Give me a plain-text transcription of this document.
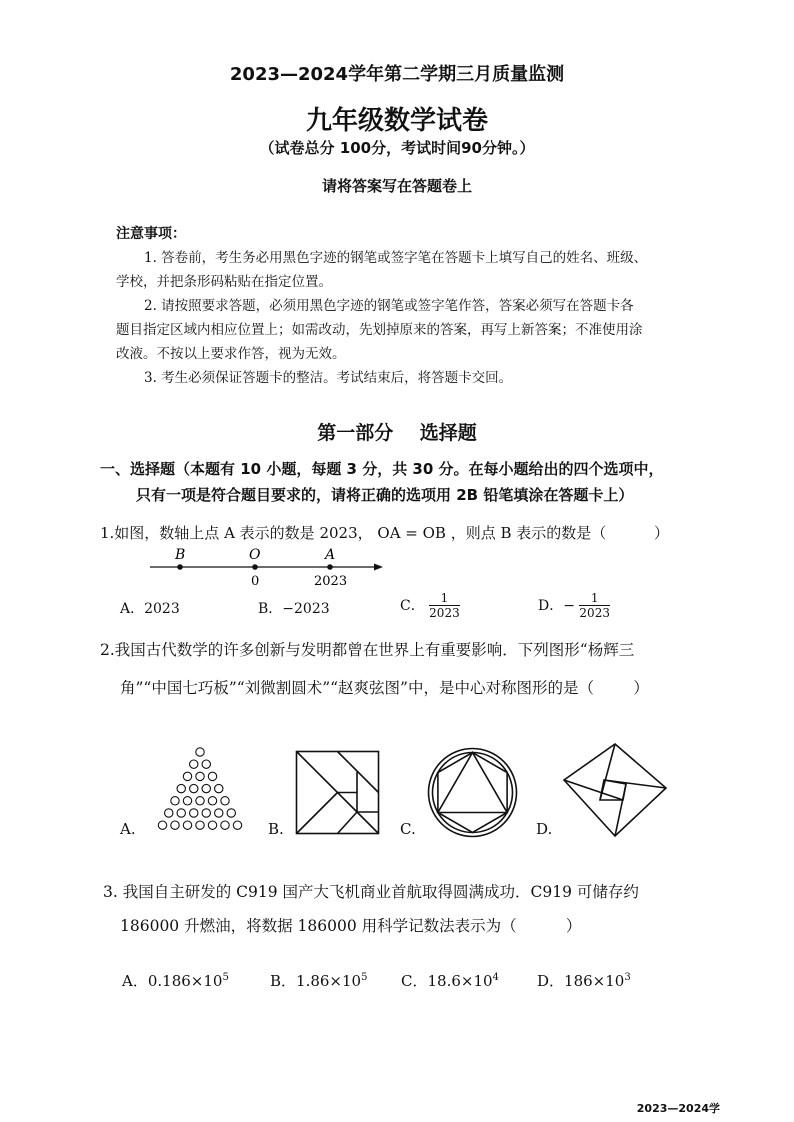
2023—2024学年第二学期三月质量监测
九年级数学试卷
（试卷总分 100分，考试时间90分钟。）
请将答案写在答题卷上
注意事项：
1. 答卷前，考生务必用黑色字迹的钢笔或签字笔在答题卡上填写自己的姓名、班级、
学校，并把条形码粘贴在指定位置。
2. 请按照要求答题，必须用黑色字迹的钢笔或签字笔作答，答案必须写在答题卡各
题目指定区域内相应位置上；如需改动，先划掉原来的答案，再写上新答案；不准使用涂
改液。不按以上要求作答，视为无效。
3. 考生必须保证答题卡的整洁。考试结束后，将答题卡交回。
第一部分    选择题
一、选择题（本题有 10 小题，每题 3 分，共 30 分。在每小题给出的四个选项中，
只有一项是符合题目要求的，请将正确的选项用 2B 铅笔填涂在答题卡上）
1.如图，数轴上点 A 表示的数是 2023， OA = OB ，则点 B 表示的数是（          ）
B	O	A
0	2023
A．2023	B．−2023	C． $\frac{1}{2023}$	D．− $\frac{1}{2023}$
2.我国古代数学的许多创新与发明都曾在世界上有重要影响．下列图形“杨辉三
角”“中国七巧板”“刘微割圆术”“赵爽弦图”中，是中心对称图形的是（        ）
A.	B.	C.	D.
3. 我国自主研发的 C919 国产大飞机商业首航取得圆满成功．C919 可储存约
186000 升燃油，将数据 186000 用科学记数法表示为（          ）
A．$0.186\times 10^5$	B．$1.86\times 10^5$ C．$18.6\times 10^4$	D．$186\times 10^3$
2023—2024学
